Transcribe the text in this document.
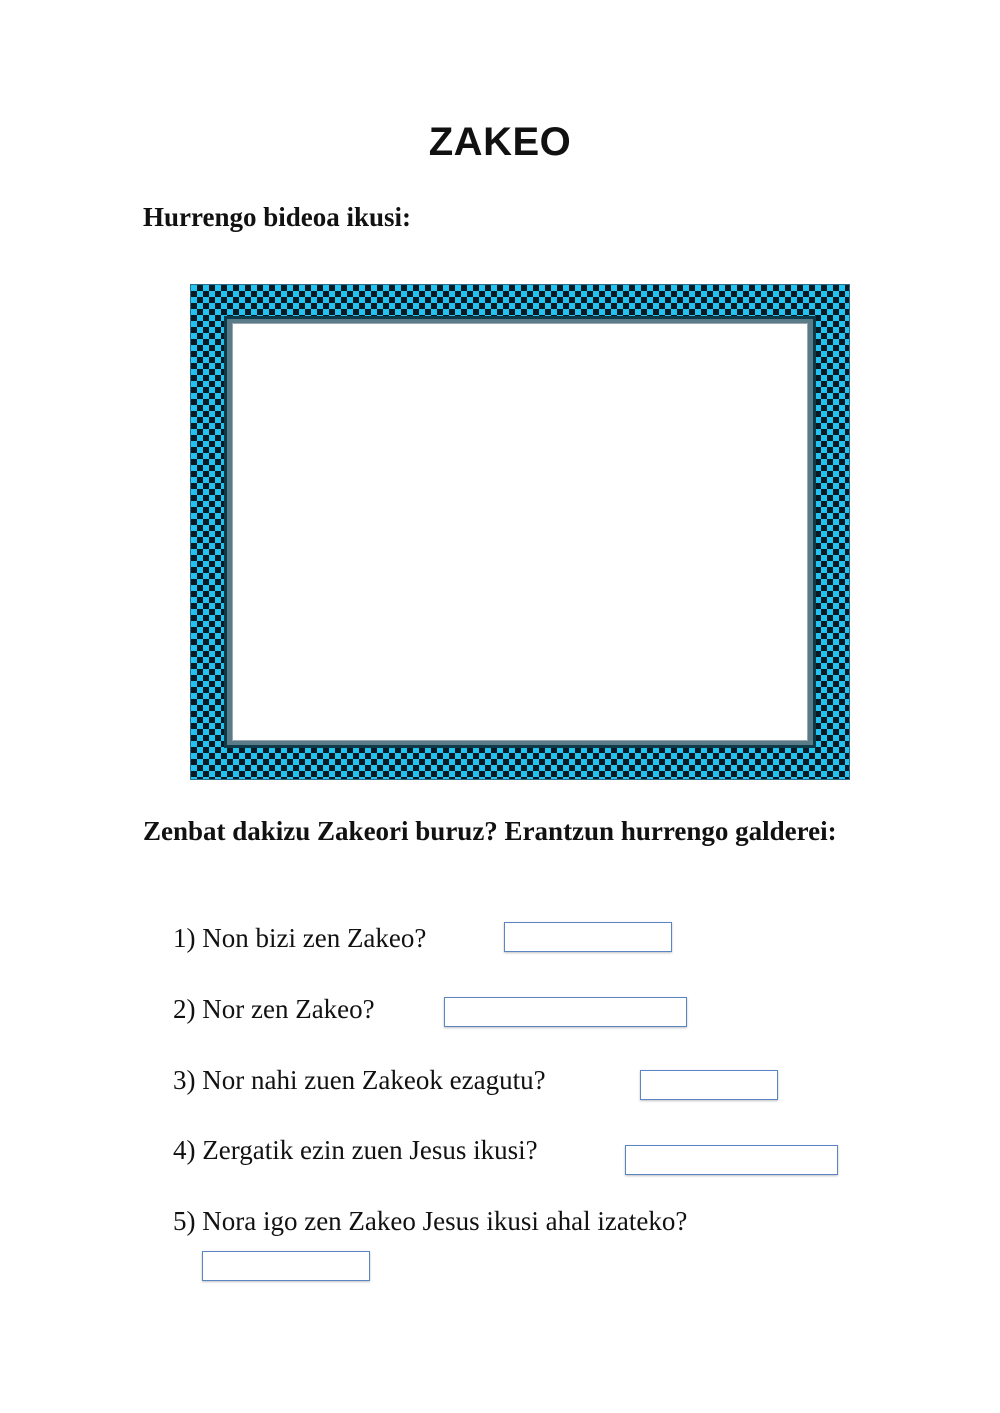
ZAKEO
Hurrengo bideoa ikusi:
Zenbat dakizu Zakeori buruz? Erantzun hurrengo galderei:
1) Non bizi zen Zakeo?
2) Nor zen Zakeo?
3) Nor nahi zuen Zakeok ezagutu?
4) Zergatik ezin zuen Jesus ikusi?
5) Nora igo zen Zakeo Jesus ikusi ahal izateko?
